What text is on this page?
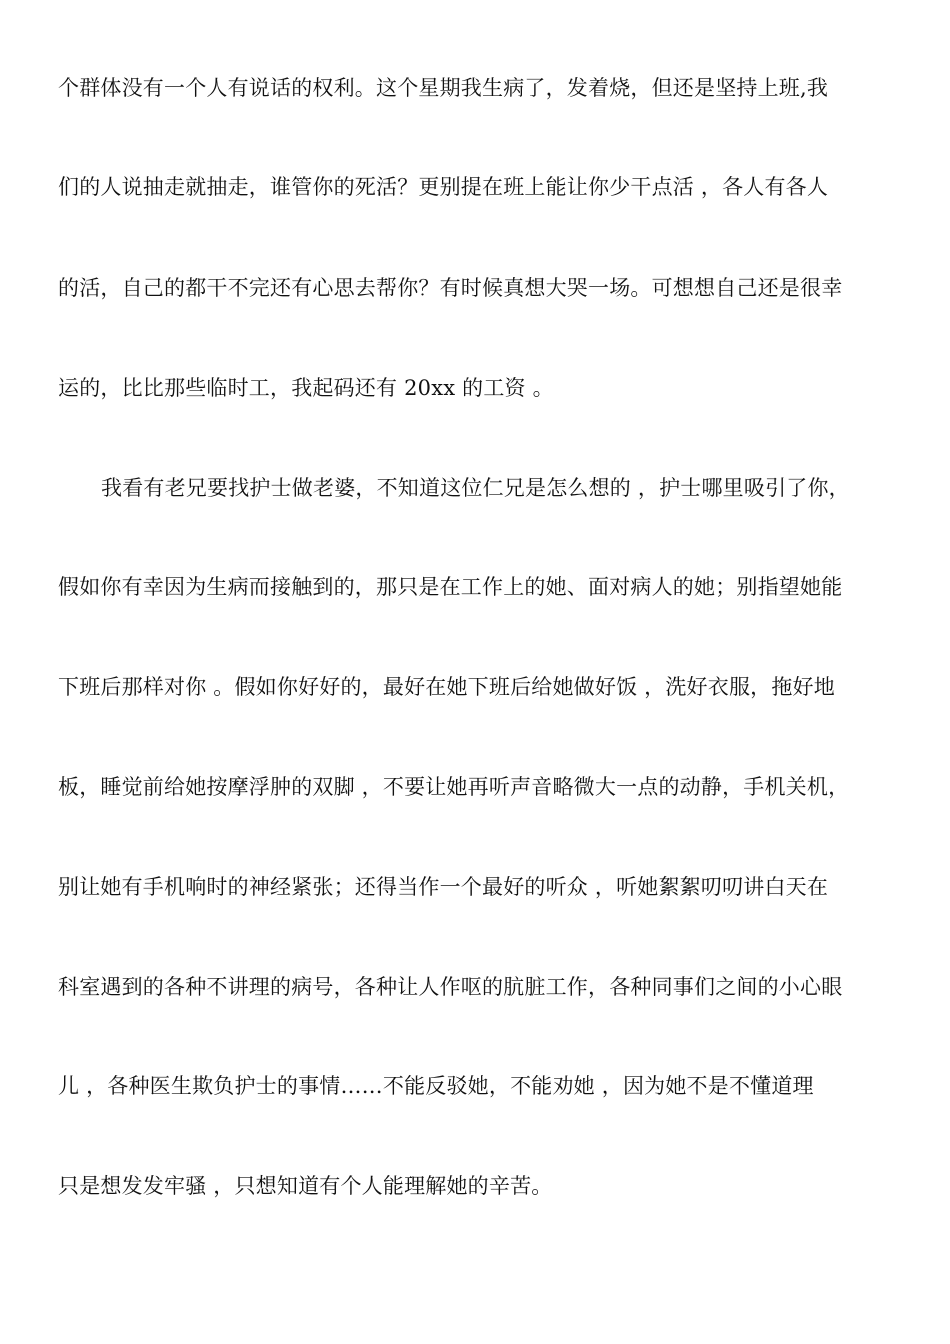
个群体没有一个人有说话的权利。这个星期我生病了，发着烧，但还是坚持上班,我
们的人说抽走就抽走，谁管你的死活？更别提在班上能让你少干点活 ，各人有各人
的活，自己的都干不完还有心思去帮你？有时候真想大哭一场。可想想自己还是很幸
运的，比比那些临时工，我起码还有 20xx 的工资 。
我看有老兄要找护士做老婆，不知道这位仁兄是怎么想的 ，护士哪里吸引了你，
假如你有幸因为生病而接触到的，那只是在工作上的她、面对病人的她；别指望她能
下班后那样对你 。假如你好好的，最好在她下班后给她做好饭 ，洗好衣服，拖好地
板，睡觉前给她按摩浮肿的双脚 ，不要让她再听声音略微大一点的动静，手机关机，
别让她有手机响时的神经紧张；还得当作一个最好的听众 ，听她絮絮叨叨讲白天在
科室遇到的各种不讲理的病号，各种让人作呕的肮脏工作，各种同事们之间的小心眼
儿 ，各种医生欺负护士的事情……不能反驳她，不能劝她 ，因为她不是不懂道理
只是想发发牢骚 ，只想知道有个人能理解她的辛苦。
